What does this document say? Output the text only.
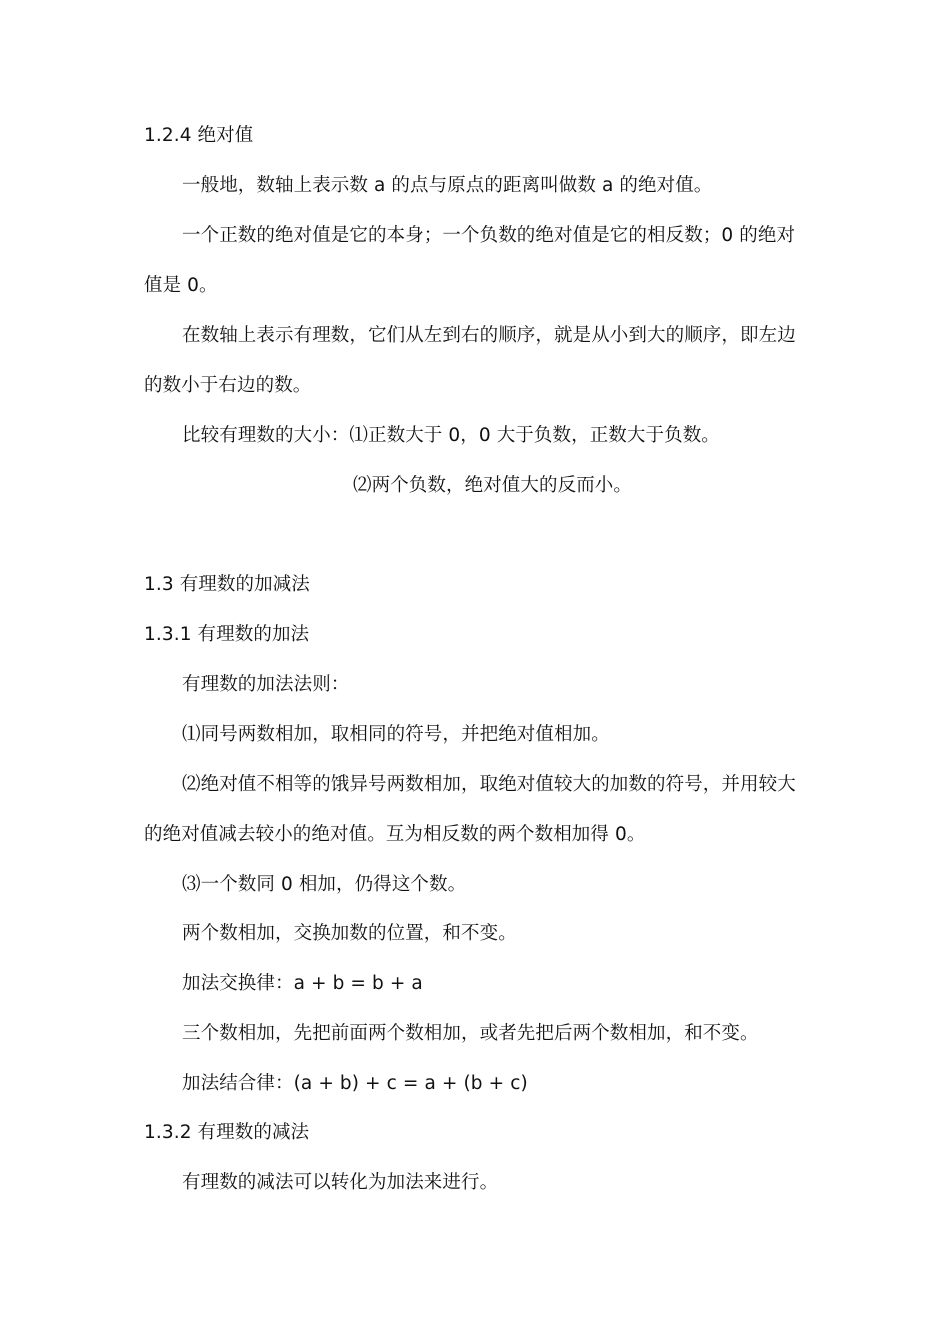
1.2.4 绝对值
一般地，数轴上表示数 a 的点与原点的距离叫做数 a 的绝对值。
一个正数的绝对值是它的本身；一个负数的绝对值是它的相反数；0 的绝对
值是 0。
在数轴上表示有理数，它们从左到右的顺序，就是从小到大的顺序，即左边
的数小于右边的数。
比较有理数的大小：⑴正数大于 0，0 大于负数，正数大于负数。
⑵两个负数，绝对值大的反而小。
1.3 有理数的加减法
1.3.1 有理数的加法
有理数的加法法则：
⑴同号两数相加，取相同的符号，并把绝对值相加。
⑵绝对值不相等的饿异号两数相加，取绝对值较大的加数的符号，并用较大
的绝对值减去较小的绝对值。互为相反数的两个数相加得 0。
⑶一个数同 0 相加，仍得这个数。
两个数相加，交换加数的位置，和不变。
加法交换律：a + b = b + a
三个数相加，先把前面两个数相加，或者先把后两个数相加，和不变。
加法结合律：(a + b) + c = a + (b + c)
1.3.2 有理数的减法
有理数的减法可以转化为加法来进行。
